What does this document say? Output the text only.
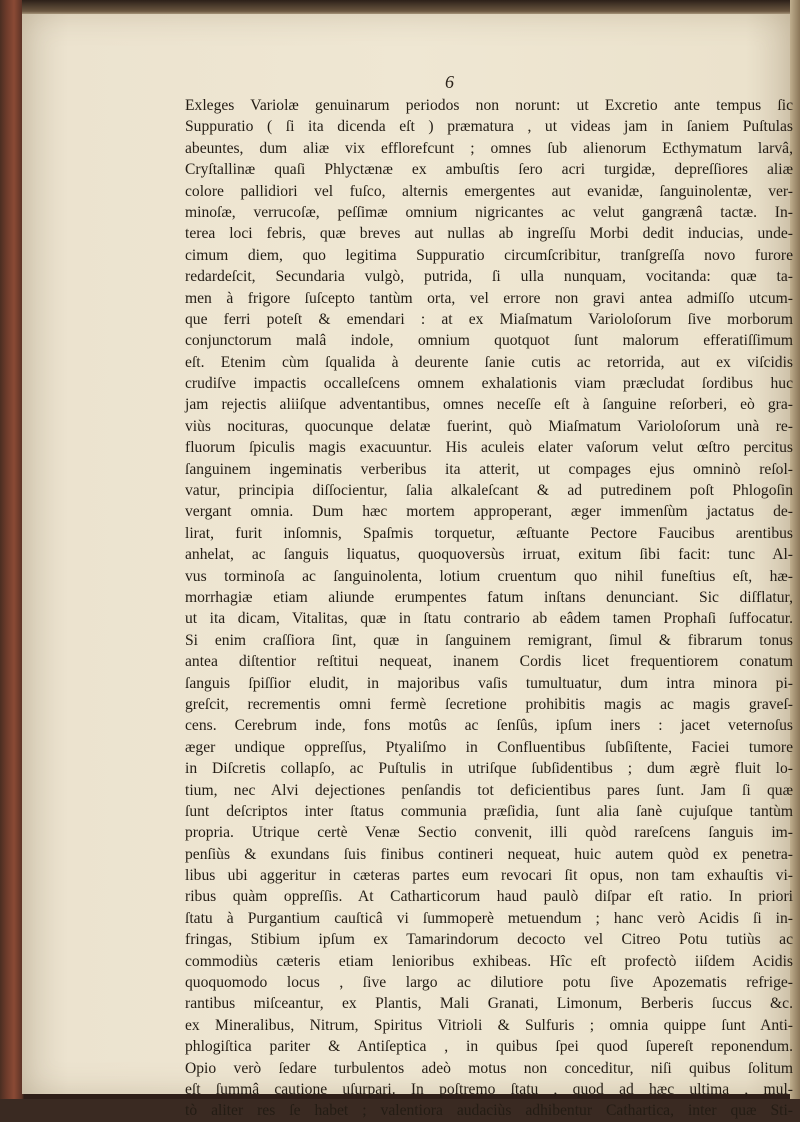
6
Exleges Variolæ genuinarum periodos non norunt: ut Excretio ante tempus ſic
Suppuratio ( ſi ita dicenda eſt ) præmatura , ut videas jam in ſaniem Puſtulas
abeuntes, dum aliæ vix efflorefcunt ; omnes ſub alienorum Ecthymatum larvâ,
Cryſtallinæ quaſi Phlyctænæ ex ambuſtis ſero acri turgidæ, depreſſiores aliæ
colore pallidiori vel fuſco, alternis emergentes aut evanidæ, ſanguinolentæ, ver-
minoſæ, verrucoſæ, peſſimæ omnium nigricantes ac velut gangrænâ tactæ. In-
terea loci febris, quæ breves aut nullas ab ingreſſu Morbi dedit inducias, unde-
cimum diem, quo legitima Suppuratio circumſcribitur, tranſgreſſa novo furore
redardeſcit, Secundaria vulgò, putrida, ſi ulla nunquam, vocitanda: quæ ta-
men à frigore ſuſcepto tantùm orta, vel errore non gravi antea admiſſo utcum-
que ferri poteſt & emendari : at ex Miaſmatum Varioloſorum ſive morborum
conjunctorum malâ indole, omnium quotquot ſunt malorum efferatiſſimum
eſt. Etenim cùm ſqualida à deurente ſanie cutis ac retorrida, aut ex viſcidis
crudiſve impactis occalleſcens omnem exhalationis viam præcludat ſordibus huc
jam rejectis aliiſque adventantibus, omnes neceſſe eſt à ſanguine reſorberi, eò gra-
viùs nocituras, quocunque delatæ fuerint, quò Miaſmatum Varioloſorum unà re-
fluorum ſpiculis magis exacuuntur. His aculeis elater vaſorum velut œſtro percitus
ſanguinem ingeminatis verberibus ita atterit, ut compages ejus omninò reſol-
vatur, principia diſſocientur, ſalia alkaleſcant & ad putredinem poſt Phlogoſin
vergant omnia. Dum hæc mortem approperant, æger immenſùm jactatus de-
lirat, furit inſomnis, Spaſmis torquetur, æſtuante Pectore Faucibus arentibus
anhelat, ac ſanguis liquatus, quoquoversùs irruat, exitum ſibi facit: tunc Al-
vus torminoſa ac ſanguinolenta, lotium cruentum quo nihil funeſtius eſt, hæ-
morrhagiæ etiam aliunde erumpentes fatum inſtans denunciant. Sic diſflatur,
ut ita dicam, Vitalitas, quæ in ſtatu contrario ab eâdem tamen Prophaſi ſuffocatur.
Si enim craſſiora ſint, quæ in ſanguinem remigrant, ſimul & fibrarum tonus
antea diſtentior reſtitui nequeat, inanem Cordis licet frequentiorem conatum
ſanguis ſpiſſior eludit, in majoribus vaſis tumultuatur, dum intra minora pi-
greſcit, recrementis omni fermè ſecretione prohibitis magis ac magis graveſ-
cens. Cerebrum inde, fons motûs ac ſenſûs, ipſum iners : jacet veternoſus
æger undique oppreſſus, Ptyaliſmo in Confluentibus ſubſiſtente, Faciei tumore
in Diſcretis collapſo, ac Puſtulis in utriſque ſubſidentibus ; dum ægrè fluit lo-
tium, nec Alvi dejectiones penſandis tot deficientibus pares ſunt. Jam ſi quæ
ſunt deſcriptos inter ſtatus communia præſidia, ſunt alia ſanè cujuſque tantùm
propria. Utrique certè Venæ Sectio convenit, illi quòd rareſcens ſanguis im-
penſiùs & exundans ſuis finibus contineri nequeat, huic autem quòd ex penetra-
libus ubi aggeritur in cæteras partes eum revocari ſit opus, non tam exhauſtis vi-
ribus quàm oppreſſis. At Catharticorum haud paulò diſpar eſt ratio. In priori
ſtatu à Purgantium cauſticâ vi ſummoperè metuendum ; hanc verò Acidis ſi in-
fringas, Stibium ipſum ex Tamarindorum decocto vel Citreo Potu tutiùs ac
commodiùs cæteris etiam lenioribus exhibeas. Hîc eſt profectò iiſdem Acidis
quoquomodo locus , ſive largo ac dilutiore potu ſive Apozematis refrige-
rantibus miſceantur, ex Plantis, Mali Granati, Limonum, Berberis ſuccus &c.
ex Mineralibus, Nitrum, Spiritus Vitrioli & Sulfuris ; omnia quippe ſunt Anti-
phlogiſtica pariter & Antiſeptica , in quibus ſpei quod ſupereſt reponendum.
Opio verò ſedare turbulentos adeò motus non conceditur, niſi quibus ſolitum
eſt ſummâ cautione uſurpari. In poſtremo ſtatu , quod ad hæc ultima , mul-
tò aliter res ſe habet ; valentiora audaciùs adhibentur Cathartica, inter quæ Sti-
